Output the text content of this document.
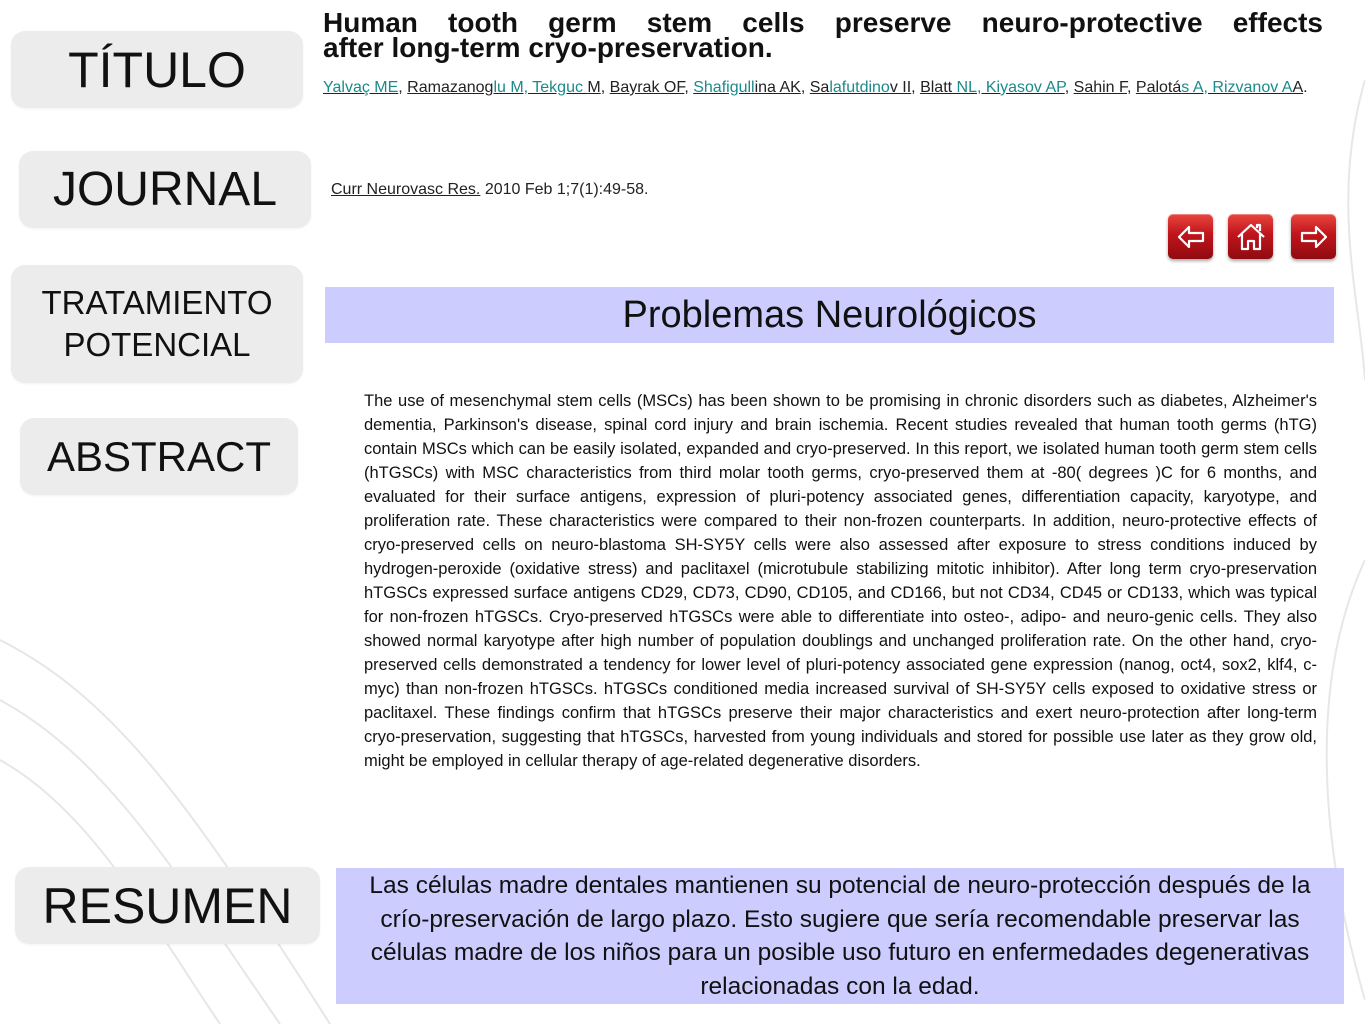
TÍTULO
JOURNAL
TRATAMIENTO
POTENCIAL
ABSTRACT
RESUMEN
Human tooth germ stem cells preserve neuro-protective effects
after long-term cryo-preservation.
Yalvaç ME, Ramazanoglu M, Tekguc M, Bayrak OF, Shafigullina AK, Salafutdinov II, Blatt NL, Kiyasov AP, Sahin F, Palotás A, Rizvanov AA.
Curr Neurovasc Res. 2010 Feb 1;7(1):49-58.
Problemas Neurológicos
The use of mesenchymal stem cells (MSCs) has been shown to be promising in chronic disorders such as diabetes, Alzheimer's dementia, Parkinson's disease, spinal cord injury and brain ischemia. Recent studies revealed that human tooth germs (hTG) contain MSCs which can be easily isolated, expanded and cryo-preserved. In this report, we isolated human tooth germ stem cells (hTGSCs) with MSC characteristics from third molar tooth germs, cryo-preserved them at -80( degrees )C for 6 months, and evaluated for their surface antigens, expression of pluri-potency associated genes, differentiation capacity, karyotype, and proliferation rate. These characteristics were compared to their non-frozen counterparts. In addition, neuro-protective effects of cryo-preserved cells on neuro-blastoma SH-SY5Y cells were also assessed after exposure to stress conditions induced by hydrogen-peroxide (oxidative stress) and paclitaxel (microtubule stabilizing mitotic inhibitor). After long term cryo-preservation hTGSCs expressed surface antigens CD29, CD73, CD90, CD105, and CD166, but not CD34, CD45 or CD133, which was typical for non-frozen hTGSCs. Cryo-preserved hTGSCs were able to differentiate into osteo-, adipo- and neuro-genic cells. They also showed normal karyotype after high number of population doublings and unchanged proliferation rate. On the other hand, cryo-preserved cells demonstrated a tendency for lower level of pluri-potency associated gene expression (nanog, oct4, sox2, klf4, c-myc) than non-frozen hTGSCs. hTGSCs conditioned media increased survival of SH-SY5Y cells exposed to oxidative stress or paclitaxel. These findings confirm that hTGSCs preserve their major characteristics and exert neuro-protection after long-term cryo-preservation, suggesting that hTGSCs, harvested from young individuals and stored for possible use later as they grow old, might be employed in cellular therapy of age-related degenerative disorders.
Las células madre dentales mantienen su potencial de neuro-protección después de la crío-preservación de largo plazo. Esto sugiere que sería recomendable preservar las células madre de los niños para un posible uso futuro en enfermedades degenerativas relacionadas con la edad.
